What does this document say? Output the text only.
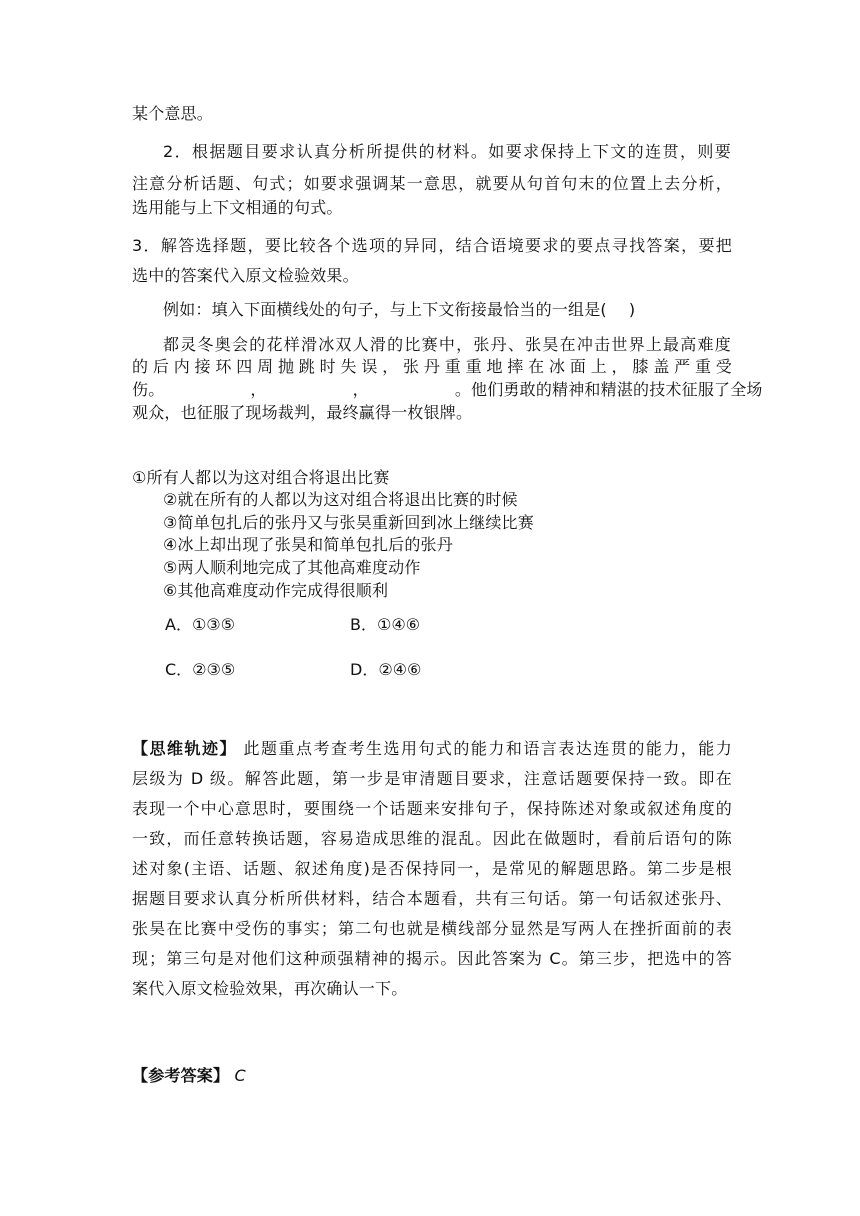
某个意思。
2．根据题目要求认真分析所提供的材料。如要求保持上下文的连贯，则要
注意分析话题、句式；如要求强调某一意思，就要从句首句末的位置上去分析，
选用能与上下文相通的句式。
3．解答选择题，要比较各个选项的异同，结合语境要求的要点寻找答案，要把
选中的答案代入原文检验效果。
例如：填入下面横线处的句子，与上下文衔接最恰当的一组是( )
都灵冬奥会的花样滑冰双人滑的比赛中，张丹、张昊在冲击世界上最高难度
的后内接环四周抛跳时失误，张丹重重地摔在冰面上，膝盖严重受
伤。	，	，	。他们勇敢的精神和精湛的技术征服了全场
观众，也征服了现场裁判，最终赢得一枚银牌。
①所有人都以为这对组合将退出比赛
②就在所有的人都以为这对组合将退出比赛的时候
③简单包扎后的张丹又与张昊重新回到冰上继续比赛
④冰上却出现了张昊和简单包扎后的张丹
⑤两人顺利地完成了其他高难度动作
⑥其他高难度动作完成得很顺利
A．①③⑤	B．①④⑥
C．②③⑤	D．②④⑥
【思维轨迹】 此题重点考查考生选用句式的能力和语言表达连贯的能力，能力
层级为 D 级。解答此题，第一步是审清题目要求，注意话题要保持一致。即在
表现一个中心意思时，要围绕一个话题来安排句子，保持陈述对象或叙述角度的
一致，而任意转换话题，容易造成思维的混乱。因此在做题时，看前后语句的陈
述对象(主语、话题、叙述角度)是否保持同一，是常见的解题思路。第二步是根
据题目要求认真分析所供材料，结合本题看，共有三句话。第一句话叙述张丹、
张昊在比赛中受伤的事实；第二句也就是横线部分显然是写两人在挫折面前的表
现；第三句是对他们这种顽强精神的揭示。因此答案为 C。第三步，把选中的答
案代入原文检验效果，再次确认一下。
【参考答案】 C
